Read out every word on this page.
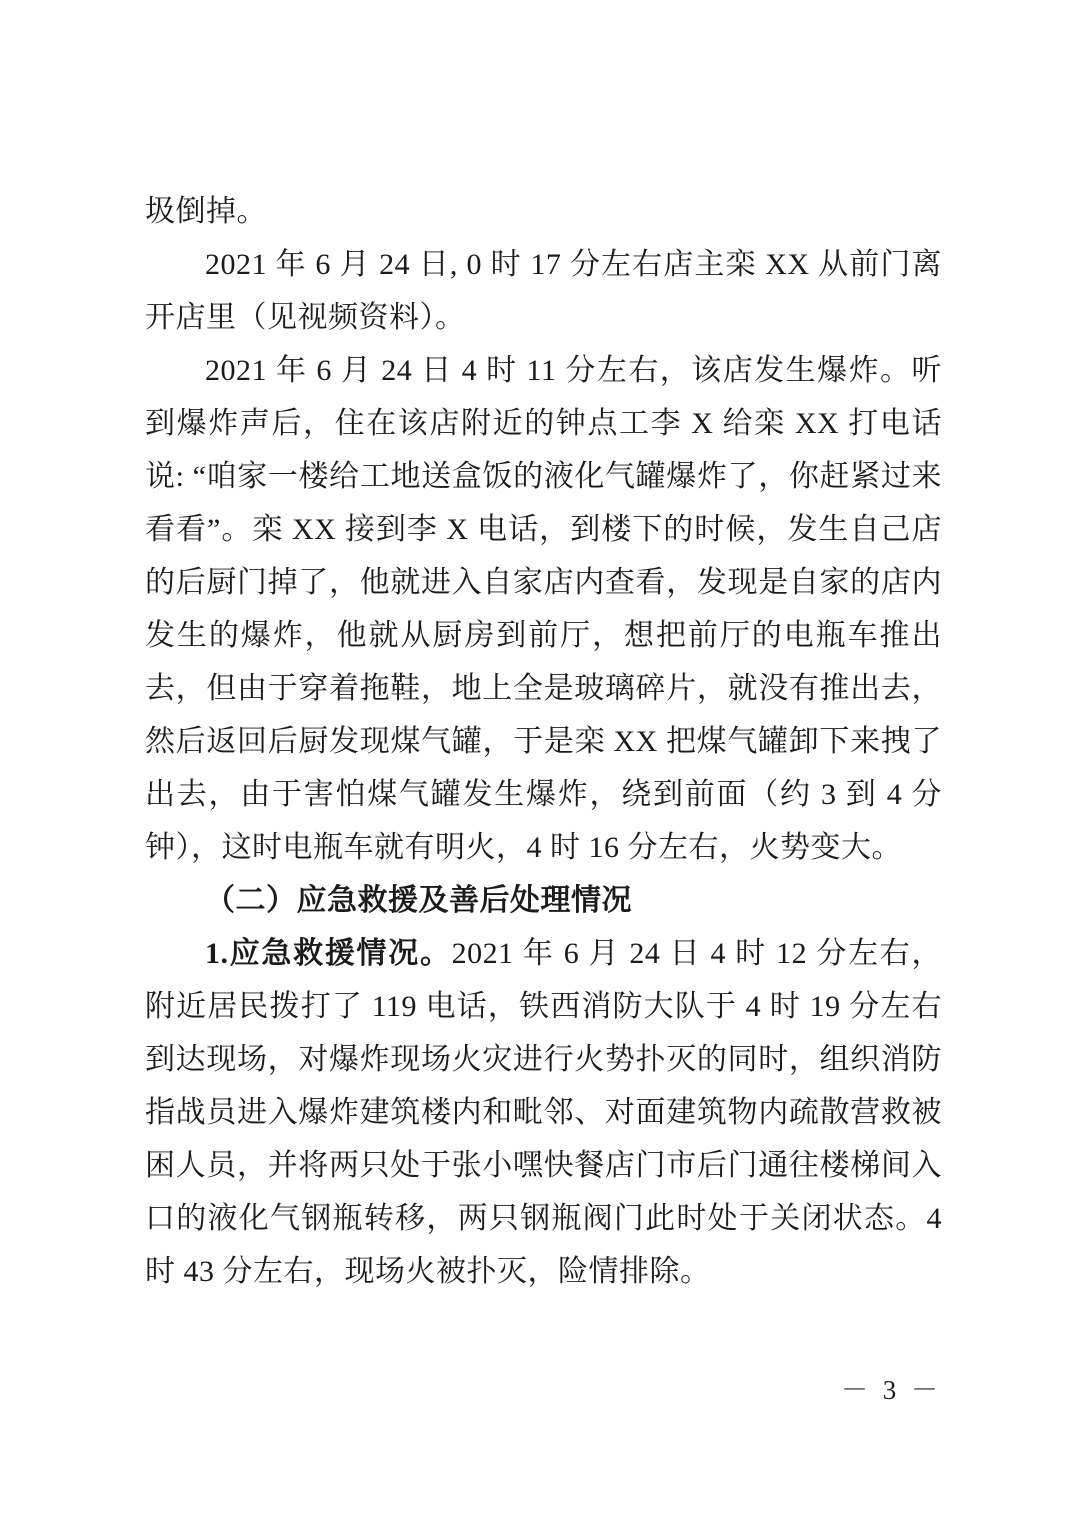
圾倒掉。

2021 年 6 月 24 日, 0 时 17 分左右店主栾 XX 从前门离开店里（见视频资料）。

2021 年 6 月 24 日 4 时 11 分左右，该店发生爆炸。听到爆炸声后，住在该店附近的钟点工李 X 给栾 XX 打电话说: “咱家一楼给工地送盒饭的液化气罐爆炸了，你赶紧过来看看”。栾 XX 接到李 X 电话，到楼下的时候，发生自己店的后厨门掉了，他就进入自家店内查看，发现是自家的店内发生的爆炸，他就从厨房到前厅，想把前厅的电瓶车推出去，但由于穿着拖鞋，地上全是玻璃碎片，就没有推出去，然后返回后厨发现煤气罐，于是栾 XX 把煤气罐卸下来拽了出去，由于害怕煤气罐发生爆炸，绕到前面（约 3 到 4 分钟），这时电瓶车就有明火，4 时 16 分左右，火势变大。

（二）应急救援及善后处理情况

1.应急救援情况。2021 年 6 月 24 日 4 时 12 分左右，附近居民拨打了 119 电话，铁西消防大队于 4 时 19 分左右到达现场，对爆炸现场火灾进行火势扑灭的同时，组织消防指战员进入爆炸建筑楼内和毗邻、对面建筑物内疏散营救被困人员，并将两只处于张小嘿快餐店门市后门通往楼梯间入口的液化气钢瓶转移，两只钢瓶阀门此时处于关闭状态。4 时 43 分左右，现场火被扑灭，险情排除。

－ 3 －
